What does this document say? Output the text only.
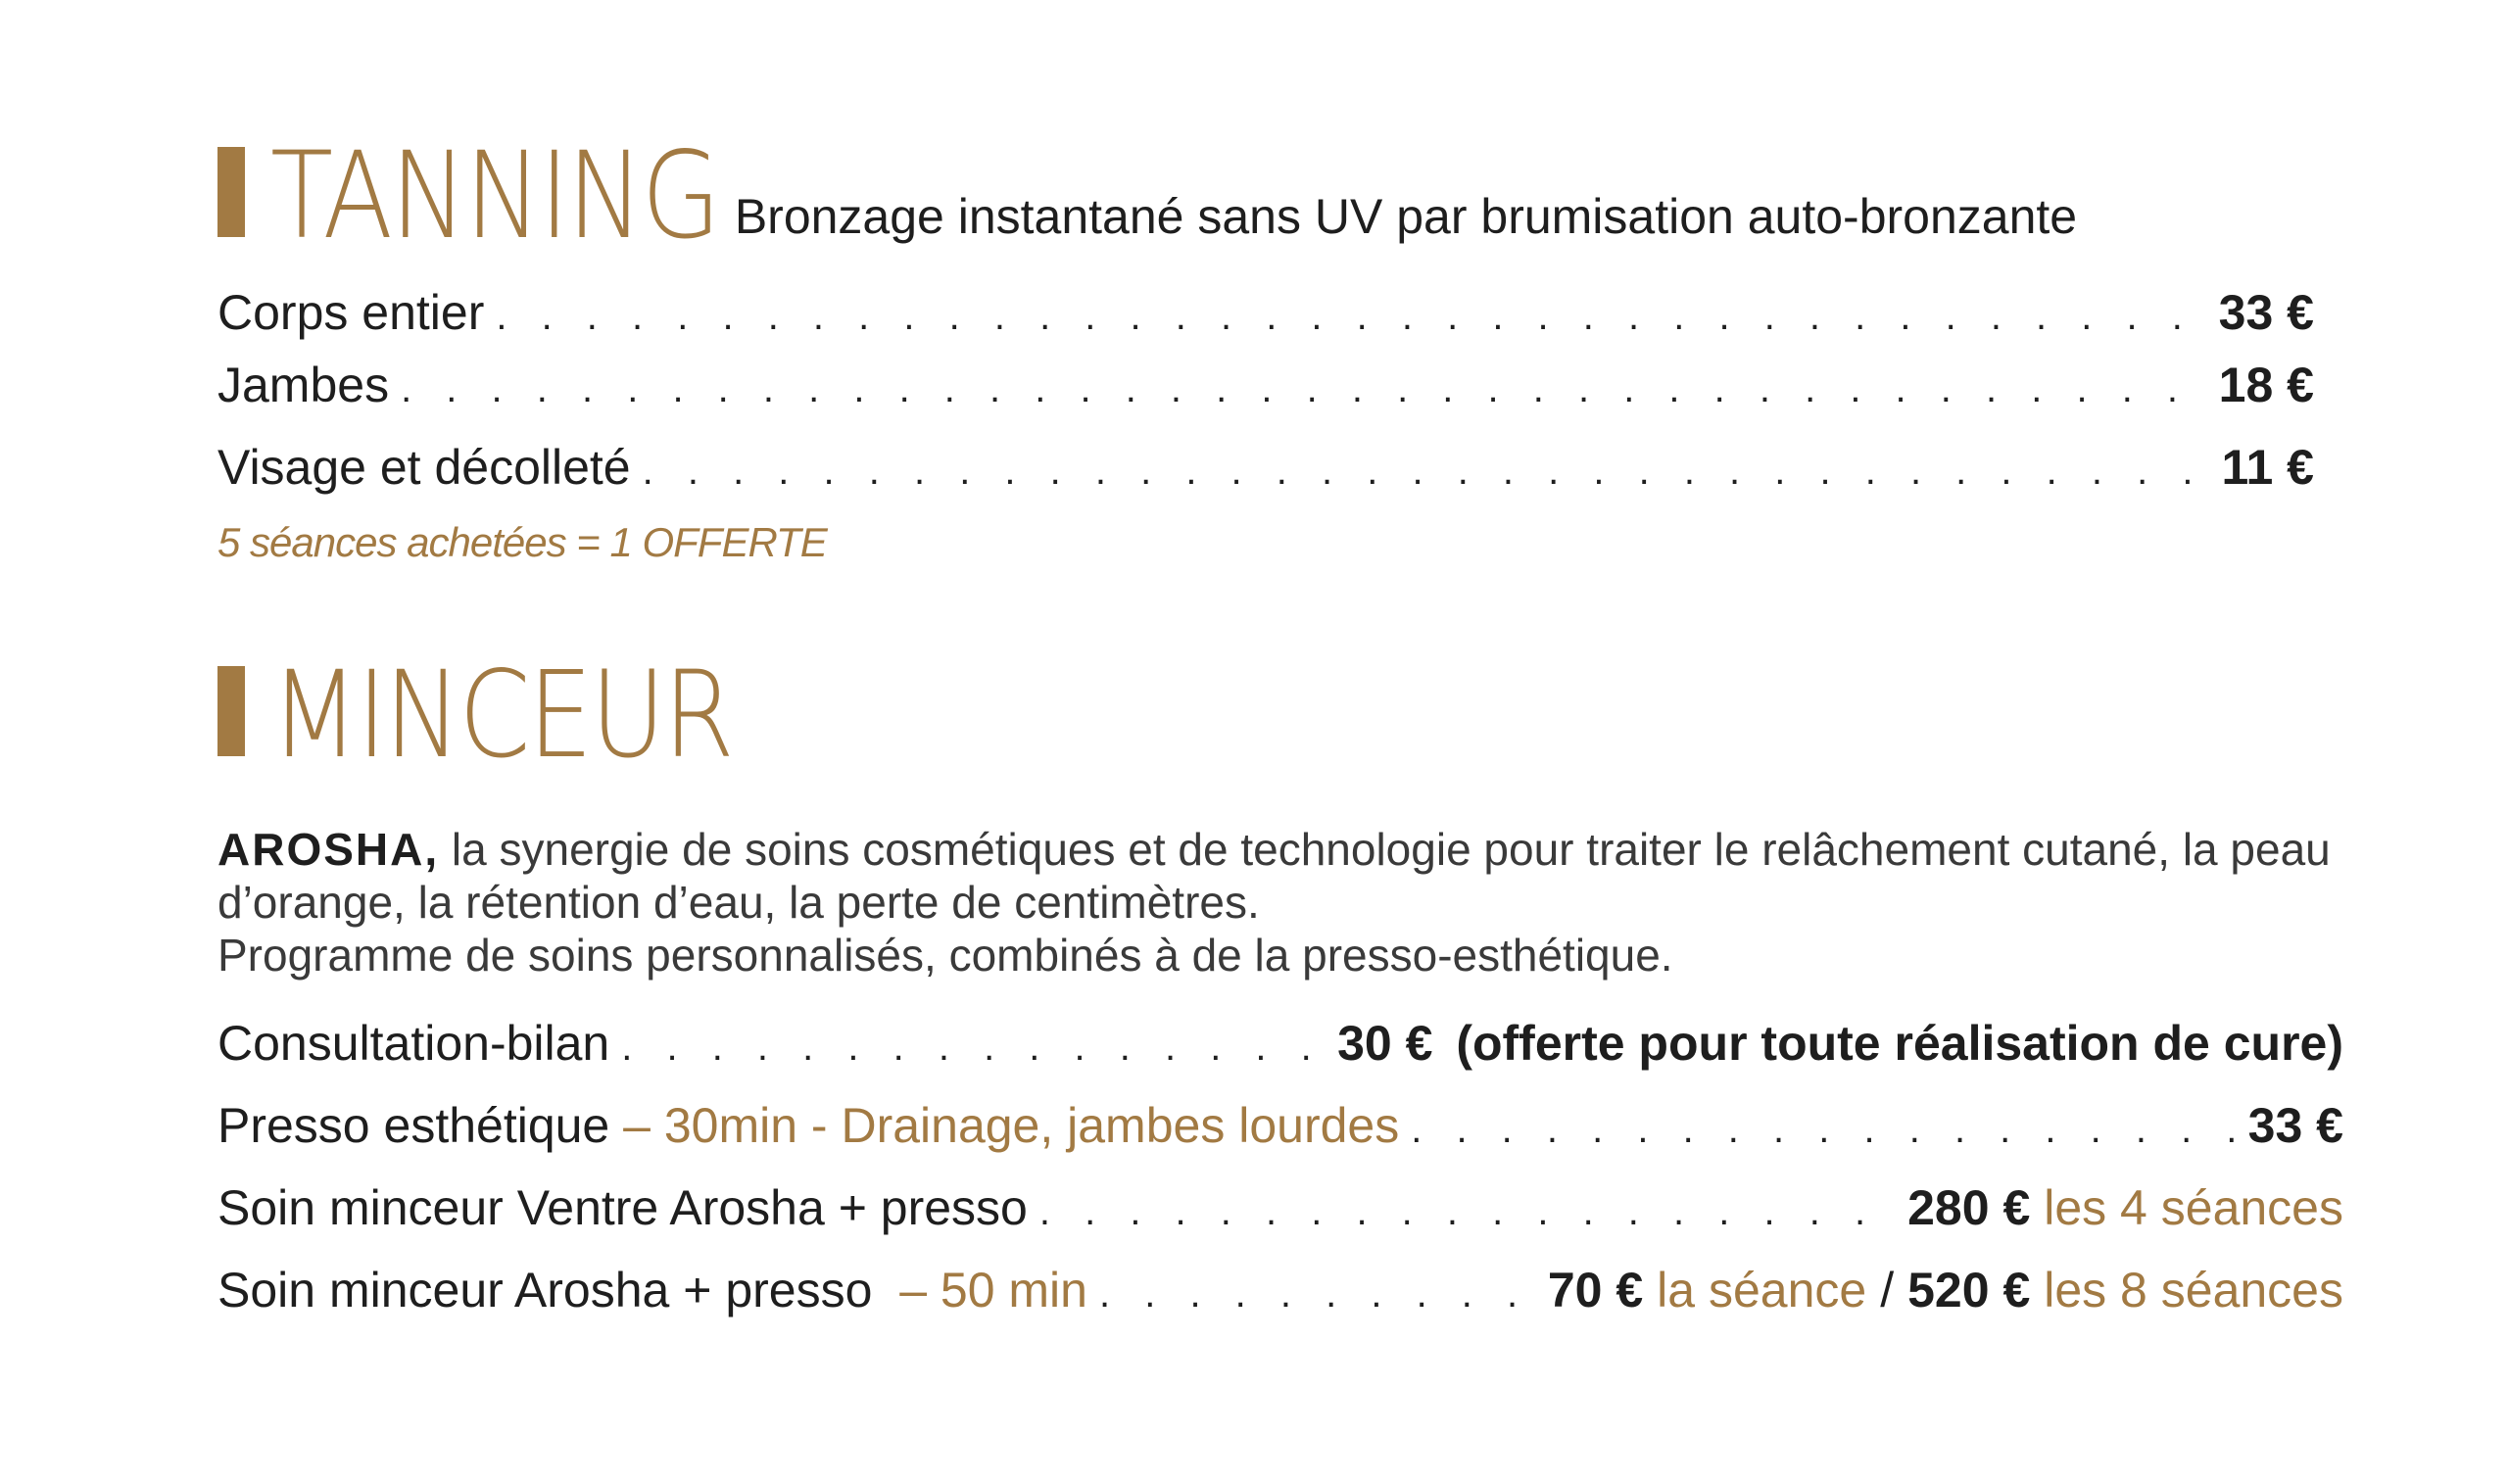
TANNING Bronzage instantané sans UV par brumisation auto-bronzante
Corps entier . . .	33 €
Jambes . . .	18 €
Visage et décolleté . . .	11 €
5 séances achetées = 1 OFFERTE
MINCEUR
AROSHA, la synergie de soins cosmétiques et de technologie pour traiter le relâchement cutané, la peau d’orange, la rétention d’eau, la perte de centimètres.
Programme de soins personnalisés, combinés à de la presso-esthétique.
Consultation-bilan . . .	30 € (offerte pour toute réalisation de cure)
Presso esthétique – 30min - Drainage, jambes lourdes . . .	33 €
Soin minceur Ventre Arosha + presso . . .	280 € les 4 séances
Soin minceur Arosha + presso  – 50 min . . .	70 € la séance / 520 € les 8 séances
